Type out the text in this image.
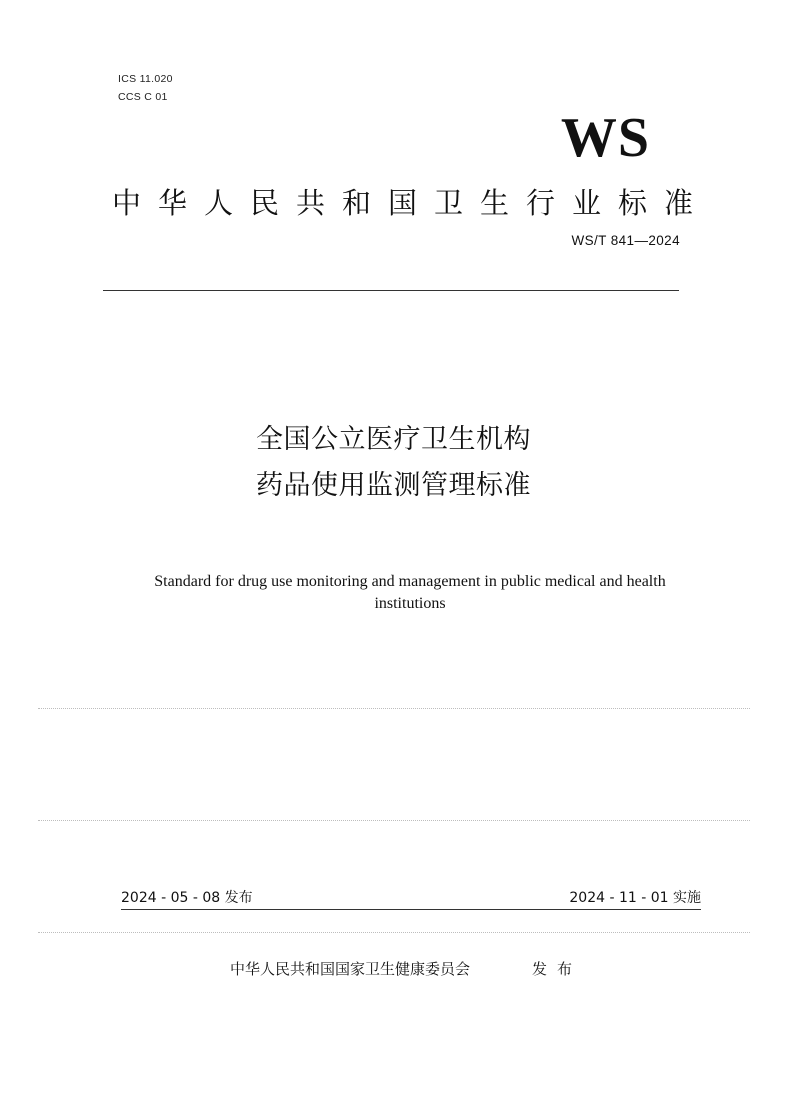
ICS 11.020
CCS C 01
WS
中华人民共和国卫生行业标准
WS/T 841—2024
全国公立医疗卫生机构
药品使用监测管理标准
Standard for drug use monitoring and management in public medical and health institutions
2024 - 05 - 08 发布	2024 - 11 - 01 实施
中华人民共和国国家卫生健康委员会	发布
